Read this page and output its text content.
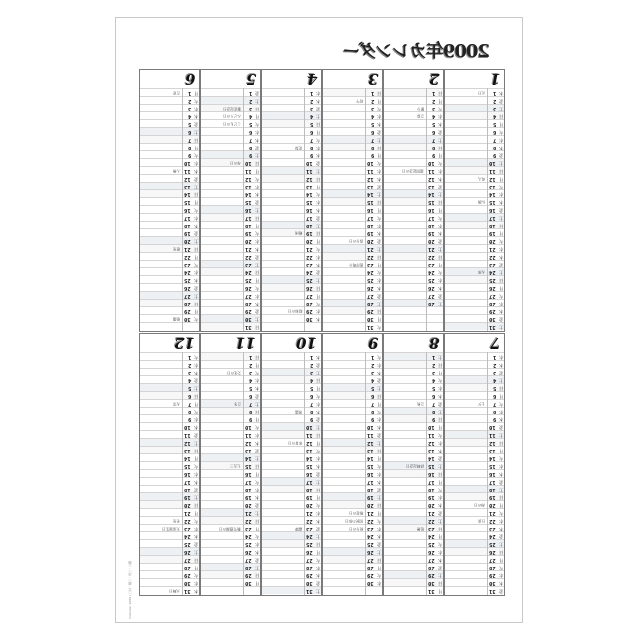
2009年カレンダー
Calendar 2009 / 日付・曜日・祝日・六曜
1
1 木
元日
2 金
3 土
4 日
5 月
6 火
7 水
8 木
9 金
10 土
11 日
12 月
成人
13 火
14 水
15 木
仏滅
16 金
17 土
18 日
19 月
20 火
21 水
22 木
23 金
24 土
大寒
25 日
26 月
27 火
28 水
29 木
30 金
31 土
2
1 日
2 月
3 火
節分
4 水
立春
5 木
6 金
7 土
8 日
9 月
10 火
11 水
建国記念の日
12 木
13 金
14 土
15 日
16 月
17 火
18 水
19 木
20 金
21 土
22 日
23 月
24 火
25 水
26 木
27 金
28 土
3
1 日
2 月
初午
3 火
4 水
5 木
6 金
7 土
8 日
9 月
10 火
11 水
12 木
13 金
14 土
15 日
16 月
17 火
18 水
19 木
20 金
春分の日
21 土
22 日
23 月
彼岸明け
24 火
25 水
26 木
27 金
28 土
29 日
30 月
31 火
4
1 水
2 木
3 金
4 土
5 日
6 月
7 火
8 水
花祭
9 木
10 金
11 土
12 日
13 月
14 火
15 水
16 木
17 金
18 土
19 日
穀雨
20 月
21 火
22 水
23 木
24 金
25 土
26 日
27 月
28 火
29 水
昭和の日
30 木
5
1 金
2 土
3 日
憲法記念日
4 月
みどりの日
5 火
こどもの日
6 水
7 木
8 金
9 土
10 日
母の日
11 月
12 火
13 水
14 木
15 金
16 土
17 日
18 月
19 火
20 水
21 木
22 金
23 土
24 日
25 月
26 火
27 水
28 木
29 金
30 土
31 日
6
1 月
衣更
2 火
3 水
4 木
5 金
6 土
7 日
8 月
9 火
10 水
11 木
入梅
12 金
13 土
14 日
15 月
16 火
17 水
18 木
19 金
20 土
21 日
夏至
22 月
23 火
24 水
25 木
26 金
27 土
28 日
29 月
30 火
夏越
7
1 水
2 木
3 金
4 土
5 日
6 月
7 火
七夕
8 水
9 木
10 金
11 土
12 日
13 月
14 火
15 水
16 木
17 金
18 土
19 日
20 月
海の日
21 火
22 水
日食
23 木
24 金
25 土
26 日
27 月
28 火
29 水
30 木
31 金
8
1 土
2 日
3 月
4 火
5 水
6 木
7 金
立秋
8 土
9 日
10 月
11 火
12 水
13 木
14 金
15 土
終戦記念日
16 日
17 月
18 火
19 水
20 木
21 金
22 土
23 日
処暑
24 月
25 火
26 水
27 木
28 金
29 土
30 日
31 月
9
1 火
2 水
3 木
4 金
5 土
6 日
7 月
8 火
9 水
10 木
11 金
12 土
13 日
14 月
15 火
16 水
17 木
18 金
19 土
20 日
21 月
敬老の日
22 火
国民の休日
23 水
秋分の日
24 木
25 金
26 土
27 日
28 月
29 火
30 水
10
1 木
2 金
3 土
4 日
5 月
6 火
7 水
8 木
寒露
9 金
10 土
11 日
12 月
体育の日
13 火
14 水
15 木
16 金
17 土
18 日
19 月
20 火
21 水
22 木
23 金
霜降
24 土
25 日
26 月
27 火
28 水
29 木
30 金
31 土
11
1 日
2 月
3 火
文化の日
4 水
5 木
6 金
7 土
立冬
8 日
9 月
10 火
11 水
12 木
13 金
14 土
15 日
七五三
16 月
17 火
18 水
19 木
20 金
21 土
22 日
23 月
勤労感謝の日
24 火
25 水
26 木
27 金
28 土
29 日
30 月
12
1 火
2 水
3 木
4 金
5 土
6 日
7 月
大雪
8 火
9 水
10 木
11 金
12 土
13 日
14 月
15 火
16 水
17 木
18 金
19 土
20 日
21 月
22 火
冬至
23 水
天皇誕生日
24 木
25 金
26 土
27 日
28 月
29 火
30 水
31 木
大晦日
